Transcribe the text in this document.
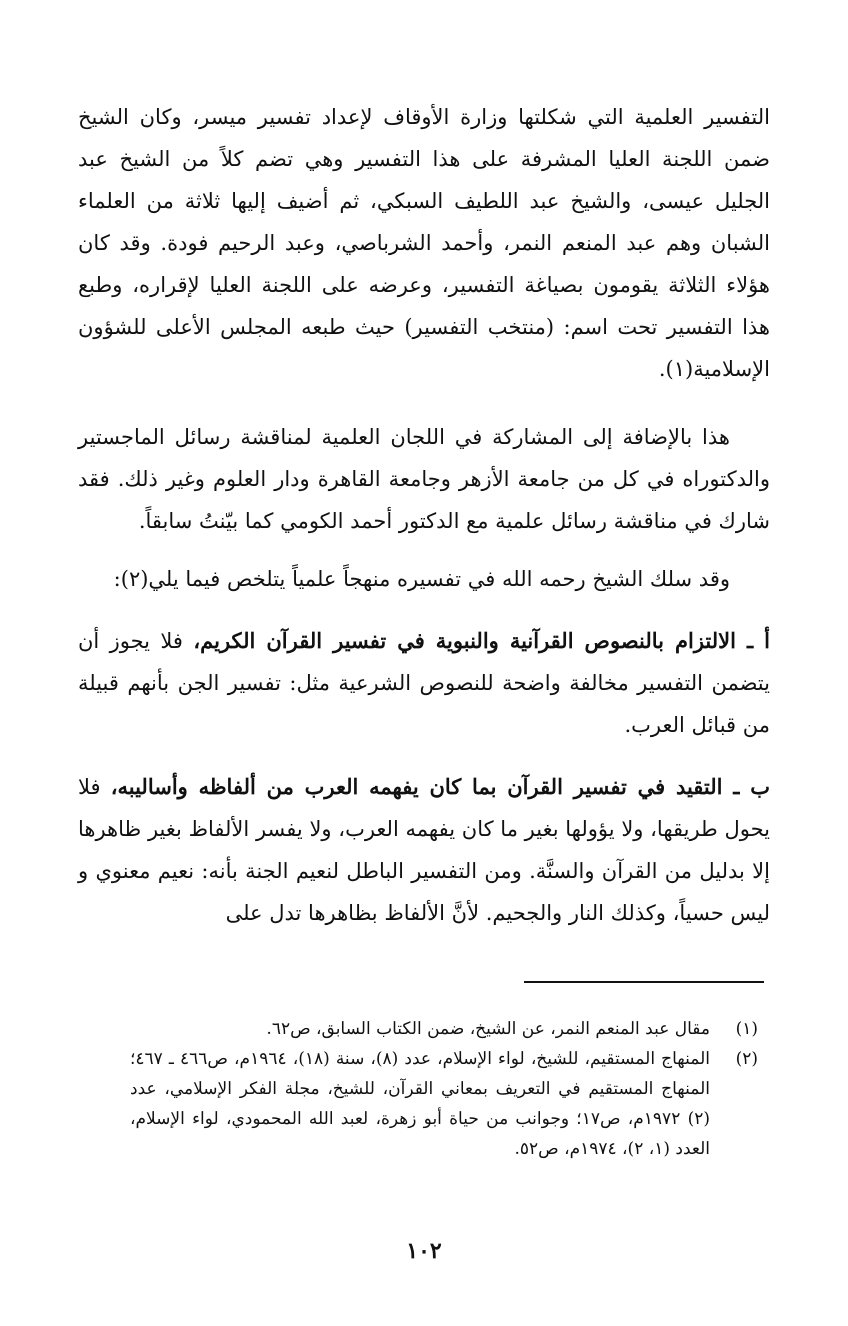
التفسير العلمية التي شكلتها وزارة الأوقاف لإعداد تفسير ميسر، وكان الشيخ ضمن اللجنة العليا المشرفة على هذا التفسير وهي تضم كلاً من الشيخ عبد الجليل عيسى، والشيخ عبد اللطيف السبكي، ثم أضيف إليها ثلاثة من العلماء الشبان وهم عبد المنعم النمر، وأحمد الشرباصي، وعبد الرحيم فودة. وقد كان هؤلاء الثلاثة يقومون بصياغة التفسير، وعرضه على اللجنة العليا لإقراره، وطبع هذا التفسير تحت اسم: (منتخب التفسير) حيث طبعه المجلس الأعلى للشؤون الإسلامية(١).

هذا بالإضافة إلى المشاركة في اللجان العلمية لمناقشة رسائل الماجستير والدكتوراه في كل من جامعة الأزهر وجامعة القاهرة ودار العلوم وغير ذلك. فقد شارك في مناقشة رسائل علمية مع الدكتور أحمد الكومي كما بيّنتُ سابقاً.

وقد سلك الشيخ رحمه الله في تفسيره منهجاً علمياً يتلخص فيما يلي(٢):

أ ـ الالتزام بالنصوص القرآنية والنبوية في تفسير القرآن الكريم، فلا يجوز أن يتضمن التفسير مخالفة واضحة للنصوص الشرعية مثل: تفسير الجن بأنهم قبيلة من قبائل العرب.

ب ـ التقيد في تفسير القرآن بما كان يفهمه العرب من ألفاظه وأساليبه، فلا يحول طريقها، ولا يؤولها بغير ما كان يفهمه العرب، ولا يفسر الألفاظ بغير ظاهرها إلا بدليل من القرآن والسنَّة. ومن التفسير الباطل لنعيم الجنة بأنه: نعيم معنوي و ليس حسياً، وكذلك النار والجحيم. لأنَّ الألفاظ بظاهرها تدل على

(١)
مقال عبد المنعم النمر، عن الشيخ، ضمن الكتاب السابق، ص٦٢.
(٢)
المنهاج المستقيم، للشيخ، لواء الإسلام، عدد (٨)، سنة (١٨)، ١٩٦٤م، ص٤٦٦ ـ ٤٦٧؛ المنهاج المستقيم في التعريف بمعاني القرآن، للشيخ، مجلة الفكر الإسلامي، عدد (٢) ١٩٧٢م، ص١٧؛ وجوانب من حياة أبو زهرة، لعبد الله المحمودي، لواء الإسلام، العدد (١، ٢)، ١٩٧٤م، ص٥٢.
١٠٢
